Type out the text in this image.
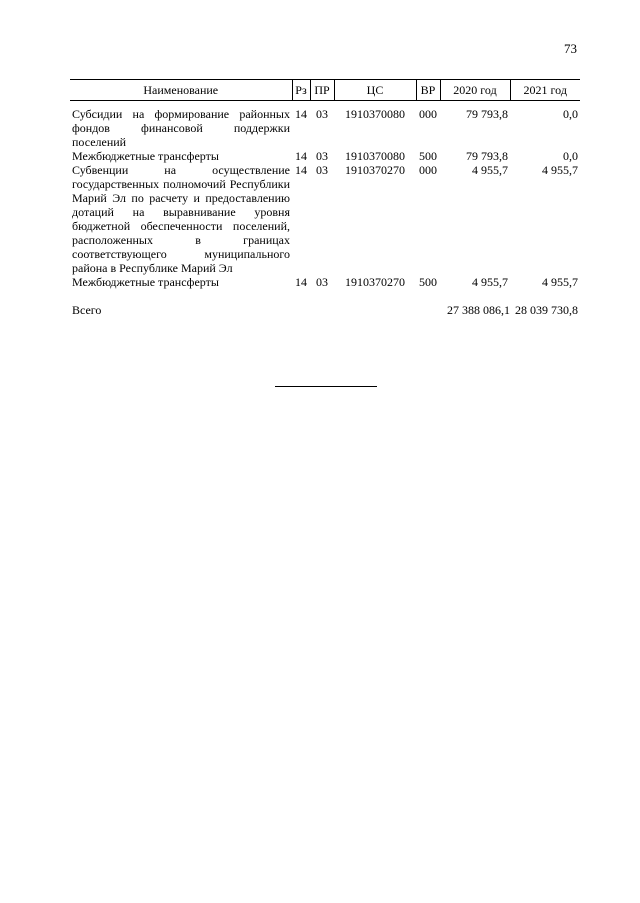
73
Наименование	Рз	ПР	ЦС	ВР	2020 год	2021 год
Субсидии на формирование районных фондов финансовой поддержки поселений	14	03	1910370080	000	79 793,8	0,0
Межбюджетные трансферты	14	03	1910370080	500	79 793,8	0,0
Субвенции на осуществление государственных полномочий Республики Марий Эл по расчету и предоставлению дотаций на выравнивание уровня бюджетной обеспеченности поселений, расположенных в границах соответствующего муниципального района в Республике Марий Эл	14	03	1910370270	000	4 955,7	4 955,7
Межбюджетные трансферты	14	03	1910370270	500	4 955,7	4 955,7
Всего					27 388 086,1	28 039 730,8
